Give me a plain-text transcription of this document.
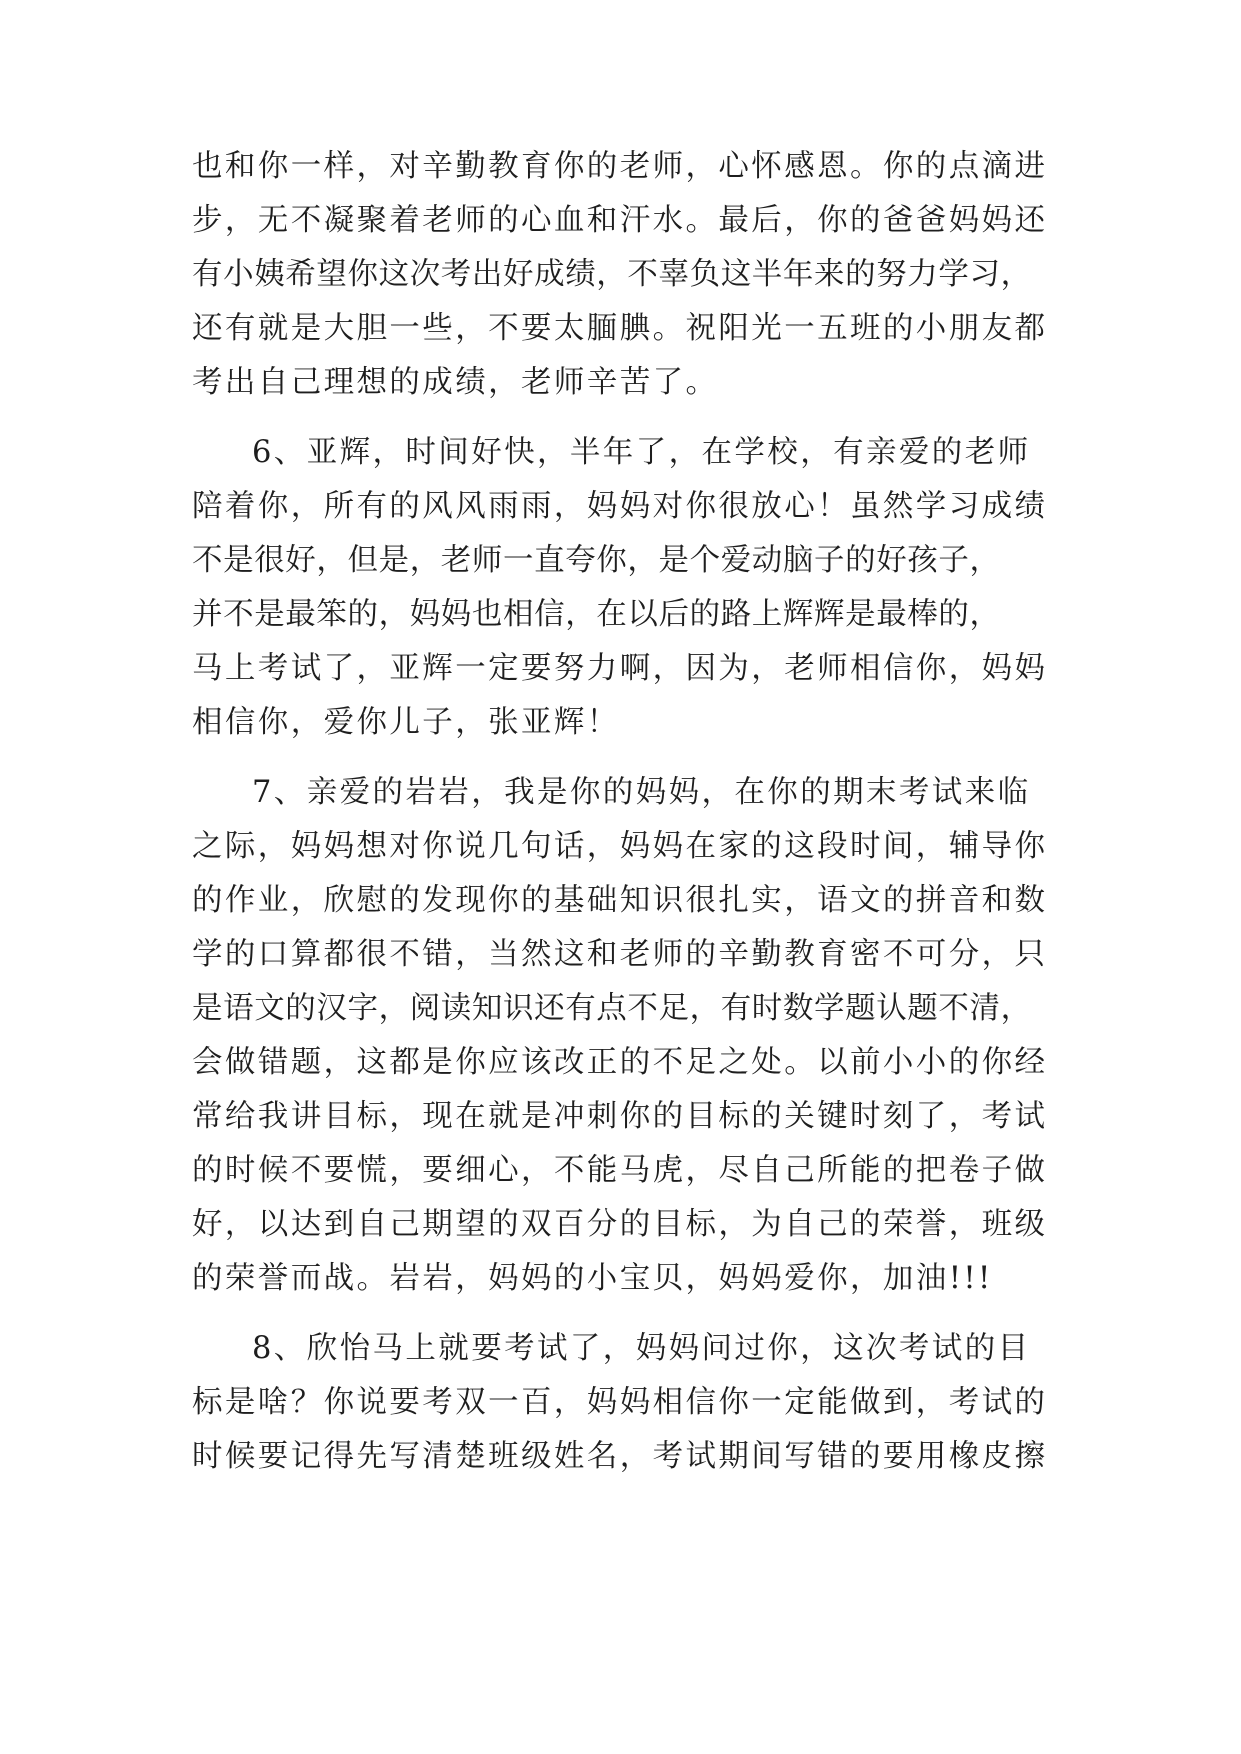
也和你一样，对辛勤教育你的老师，心怀感恩。你的点滴进
步，无不凝聚着老师的心血和汗水。最后，你的爸爸妈妈还
有小姨希望你这次考出好成绩，不辜负这半年来的努力学习，
还有就是大胆一些，不要太腼腆。祝阳光一五班的小朋友都
考出自己理想的成绩，老师辛苦了。
6、亚辉，时间好快，半年了，在学校，有亲爱的老师
陪着你，所有的风风雨雨，妈妈对你很放心！虽然学习成绩
不是很好，但是，老师一直夸你，是个爱动脑子的好孩子，
并不是最笨的，妈妈也相信，在以后的路上辉辉是最棒的，
马上考试了，亚辉一定要努力啊，因为，老师相信你，妈妈
相信你，爱你儿子，张亚辉！
7、亲爱的岩岩，我是你的妈妈，在你的期末考试来临
之际，妈妈想对你说几句话，妈妈在家的这段时间，辅导你
的作业，欣慰的发现你的基础知识很扎实，语文的拼音和数
学的口算都很不错，当然这和老师的辛勤教育密不可分，只
是语文的汉字，阅读知识还有点不足，有时数学题认题不清，
会做错题，这都是你应该改正的不足之处。以前小小的你经
常给我讲目标，现在就是冲刺你的目标的关键时刻了，考试
的时候不要慌，要细心，不能马虎，尽自己所能的把卷子做
好，以达到自己期望的双百分的目标，为自己的荣誉，班级
的荣誉而战。岩岩，妈妈的小宝贝，妈妈爱你，加油!!!
8、欣怡马上就要考试了，妈妈问过你，这次考试的目
标是啥？你说要考双一百，妈妈相信你一定能做到，考试的
时候要记得先写清楚班级姓名，考试期间写错的要用橡皮擦
